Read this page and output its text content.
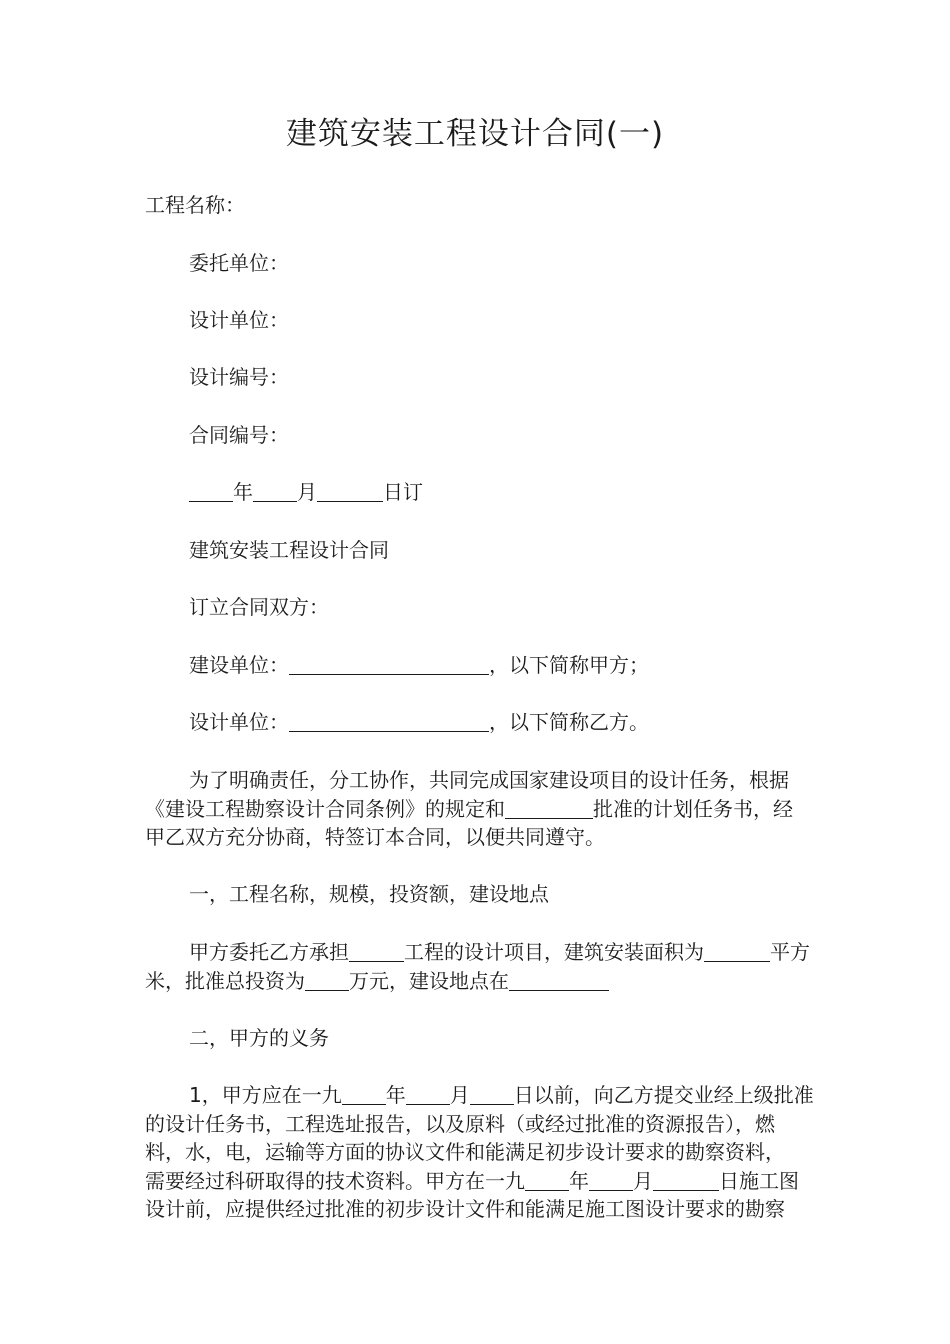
建筑安装工程设计合同(一)
工程名称：
委托单位：
设计单位：
设计编号：
合同编号：
年 月	日订
建筑安装工程设计合同
订立合同双方：
建设单位：	，以下简称甲方；
设计单位：	，以下简称乙方。
为了明确责任，分工协作，共同完成国家建设项目的设计任务，根据
《建设工程勘察设计合同条例》的规定和	批准的计划任务书，经
甲乙双方充分协商，特签订本合同，以便共同遵守。
一，工程名称，规模，投资额，建设地点
甲方委托乙方承担	工程的设计项目，建筑安装面积为	平方
米，批准总投资为 万元，建设地点在
二，甲方的义务
1，甲方应在一九 年 月 日以前，向乙方提交业经上级批准
的设计任务书，工程选址报告，以及原料（或经过批准的资源报告），燃
料，水，电，运输等方面的协议文件和能满足初步设计要求的勘察资料，
需要经过科研取得的技术资料。甲方在一九 年 月	日施工图
设计前，应提供经过批准的初步设计文件和能满足施工图设计要求的勘察
